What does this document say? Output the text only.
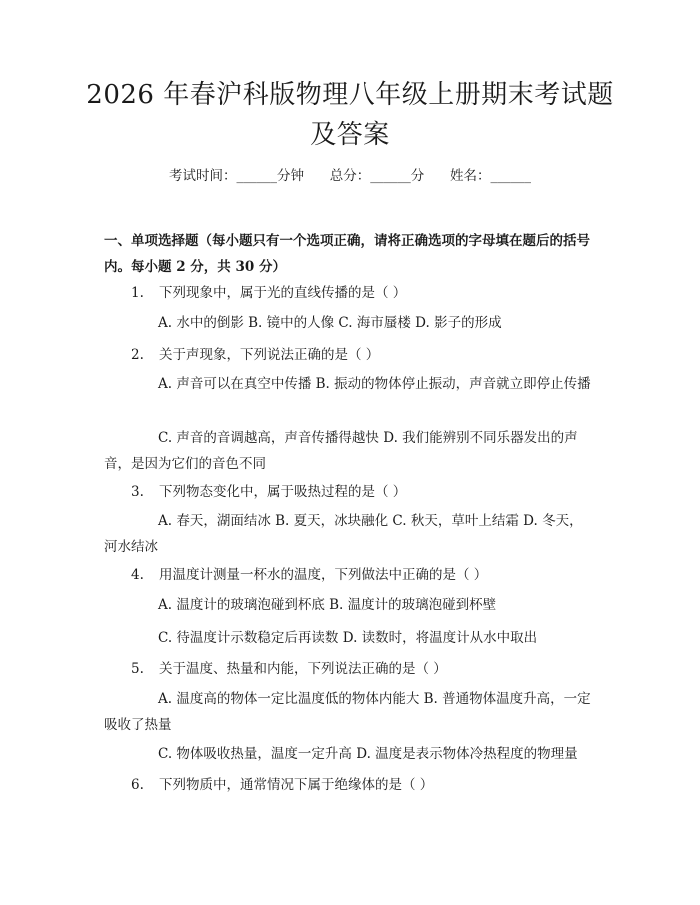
2026 年春沪科版物理八年级上册期末考试题
及答案
考试时间：______分钟      总分：______分      姓名：______

一、单项选择题（每小题只有一个选项正确，请将正确选项的字母填在题后的括号内。每小题 2 分，共 30 分）

1. 下列现象中，属于光的直线传播的是（ ）

A. 水中的倒影 B. 镜中的人像 C. 海市蜃楼 D. 影子的形成

2. 关于声现象，下列说法正确的是（ ）

A. 声音可以在真空中传播 B. 振动的物体停止振动，声音就立即停止传播

C. 声音的音调越高，声音传播得越快 D. 我们能辨别不同乐器发出的声音，是因为它们的音色不同

3. 下列物态变化中，属于吸热过程的是（ ）

A. 春天，湖面结冰 B. 夏天，冰块融化 C. 秋天，草叶上结霜 D. 冬天，河水结冰

4. 用温度计测量一杯水的温度，下列做法中正确的是（ ）

A. 温度计的玻璃泡碰到杯底 B. 温度计的玻璃泡碰到杯壁

C. 待温度计示数稳定后再读数 D. 读数时，将温度计从水中取出

5. 关于温度、热量和内能，下列说法正确的是（ ）

A. 温度高的物体一定比温度低的物体内能大 B. 普通物体温度升高，一定吸收了热量

C. 物体吸收热量，温度一定升高 D. 温度是表示物体冷热程度的物理量

6. 下列物质中，通常情况下属于绝缘体的是（ ）
